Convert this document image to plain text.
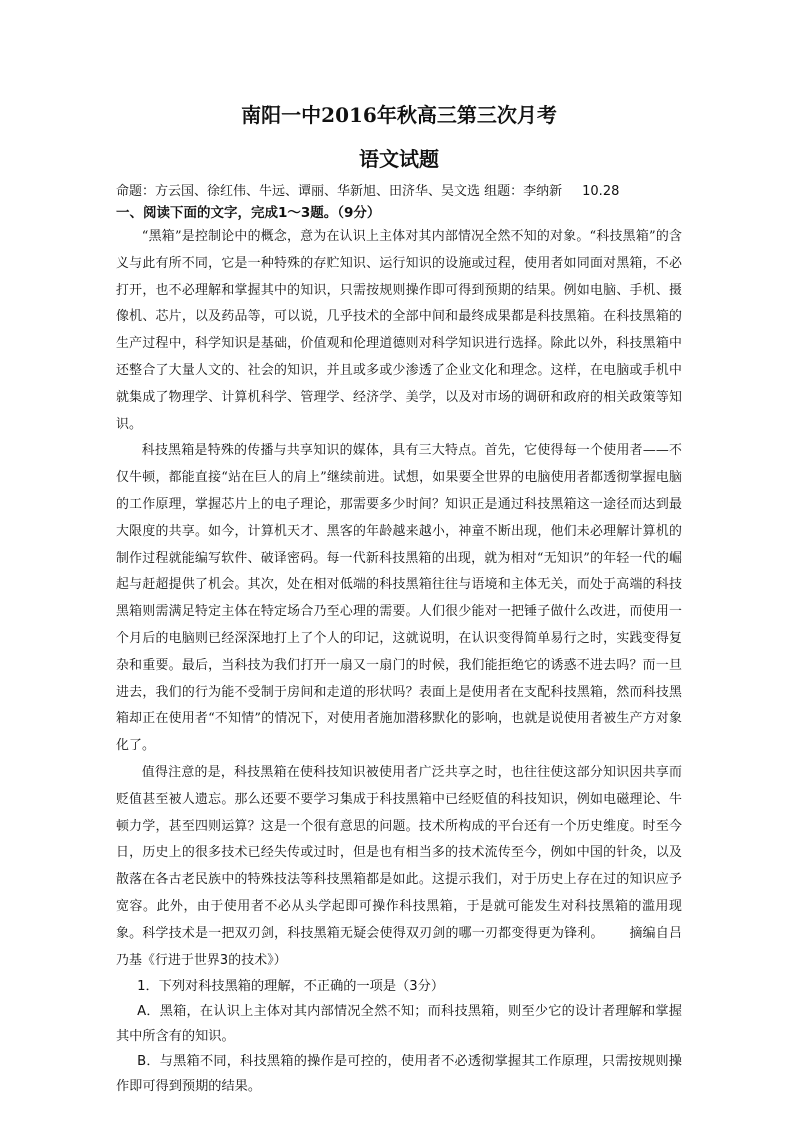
南阳一中2016年秋高三第三次月考
语文试题
命题：方云国、徐红伟、牛远、谭丽、华新旭、田济华、吴文选 组题：李纳新 10.28

一、阅读下面的文字，完成1～3题。（9分）

“黑箱”是控制论中的概念，意为在认识上主体对其内部情况全然不知的对象。“科技黑箱”的含义与此有所不同，它是一种特殊的存贮知识、运行知识的设施或过程，使用者如同面对黑箱，不必打开，也不必理解和掌握其中的知识，只需按规则操作即可得到预期的结果。例如电脑、手机、摄像机、芯片，以及药品等，可以说，几乎技术的全部中间和最终成果都是科技黑箱。在科技黑箱的生产过程中，科学知识是基础，价值观和伦理道德则对科学知识进行选择。除此以外，科技黑箱中还整合了大量人文的、社会的知识，并且或多或少渗透了企业文化和理念。这样，在电脑或手机中就集成了物理学、计算机科学、管理学、经济学、美学，以及对市场的调研和政府的相关政策等知识。

科技黑箱是特殊的传播与共享知识的媒体，具有三大特点。首先，它使得每一个使用者——不仅牛顿，都能直接“站在巨人的肩上”继续前进。试想，如果要全世界的电脑使用者都透彻掌握电脑的工作原理，掌握芯片上的电子理论，那需要多少时间？知识正是通过科技黑箱这一途径而达到最大限度的共享。如今，计算机天才、黑客的年龄越来越小，神童不断出现，他们未必理解计算机的制作过程就能编写软件、破译密码。每一代新科技黑箱的出现，就为相对“无知识”的年轻一代的崛起与赶超提供了机会。其次，处在相对低端的科技黑箱往往与语境和主体无关，而处于高端的科技黑箱则需满足特定主体在特定场合乃至心理的需要。人们很少能对一把锤子做什么改进，而使用一个月后的电脑则已经深深地打上了个人的印记，这就说明，在认识变得简单易行之时，实践变得复杂和重要。最后，当科技为我们打开一扇又一扇门的时候，我们能拒绝它的诱惑不进去吗？而一旦进去，我们的行为能不受制于房间和走道的形状吗？表面上是使用者在支配科技黑箱，然而科技黑箱却正在使用者“不知情”的情况下，对使用者施加潜移默化的影响，也就是说使用者被生产方对象化了。

值得注意的是，科技黑箱在使科技知识被使用者广泛共享之时，也往往使这部分知识因共享而贬值甚至被人遗忘。那么还要不要学习集成于科技黑箱中已经贬值的科技知识，例如电磁理论、牛顿力学，甚至四则运算？这是一个很有意思的问题。技术所构成的平台还有一个历史维度。时至今日，历史上的很多技术已经失传或过时，但是也有相当多的技术流传至今，例如中国的针灸，以及散落在各古老民族中的特殊技法等科技黑箱都是如此。这提示我们，对于历史上存在过的知识应予宽容。此外，由于使用者不必从头学起即可操作科技黑箱，于是就可能发生对科技黑箱的滥用现象。科学技术是一把双刃剑，科技黑箱无疑会使得双刃剑的哪一刃都变得更为锋利。 摘编自吕乃基《行进于世界3的技术》）

1．下列对科技黑箱的理解，不正确的一项是（3分）

A．黑箱，在认识上主体对其内部情况全然不知；而科技黑箱，则至少它的设计者理解和掌握其中所含有的知识。

B．与黑箱不同，科技黑箱的操作是可控的，使用者不必透彻掌握其工作原理，只需按规则操作即可得到预期的结果。
